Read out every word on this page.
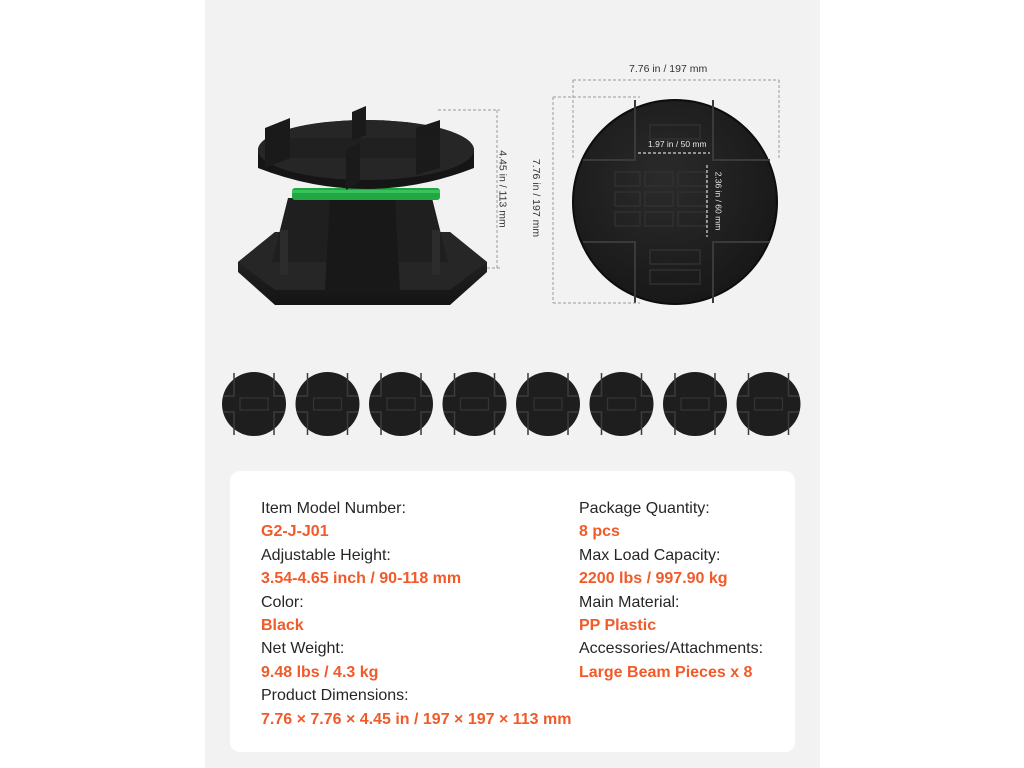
7.76 in / 197 mm
4.45 in / 113 mm 7.76 in / 197 mm
1.97 in / 50 mm
2.36 in / 60 mm
Item Model Number:
G2-J-J01
Adjustable Height:
3.54-4.65 inch / 90-118 mm
Color:
Black
Net Weight:
9.48 lbs / 4.3 kg
Product Dimensions:
7.76 × 7.76 × 4.45 in / 197 × 197 × 113 mm
Package Quantity:
8 pcs
Max Load Capacity:
2200 lbs / 997.90 kg
Main Material:
PP Plastic
Accessories/Attachments:
Large Beam Pieces x 8
